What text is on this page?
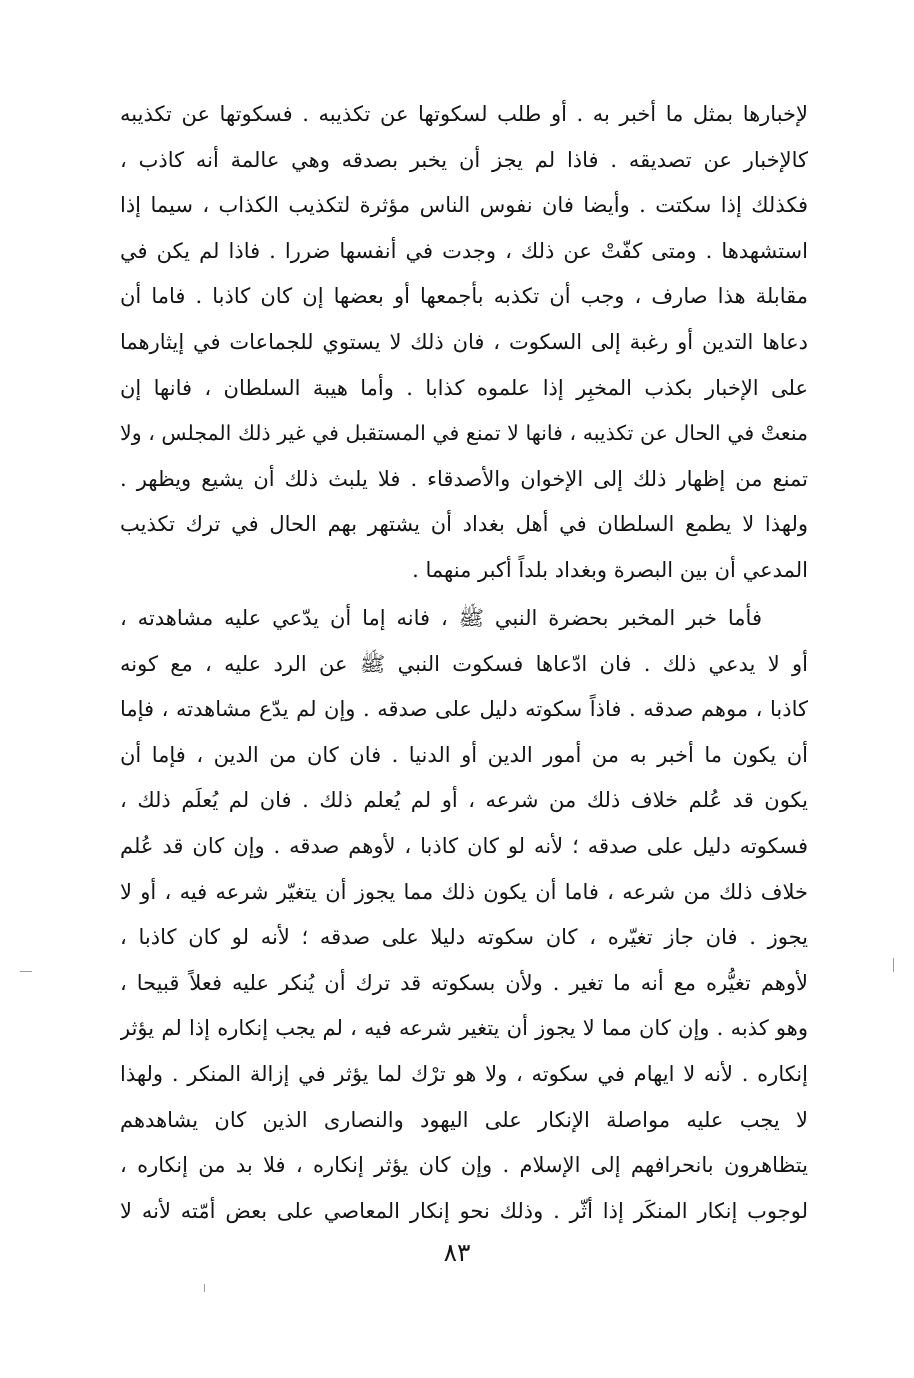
لإخبارها بمثل ما أخبر به . أو طلب لسكوتها عن تكذيبه . فسكوتها عن تكذيبه
كالإخبار عن تصديقه . فاذا لم يجز أن يخبر بصدقه وهي عالمة أنه كاذب ،
فكذلك إذا سكتت . وأيضا فان نفوس الناس مؤثرة لتكذيب الكذاب ، سيما إذا
استشهدها . ومتى كفّتْ عن ذلك ، وجدت في أنفسها ضررا . فاذا لم يكن في
مقابلة هذا صارف ، وجب أن تكذبه بأجمعها أو بعضها إن كان كاذبا . فاما أن
دعاها التدين أو رغبة إلى السكوت ، فان ذلك لا يستوي للجماعات في إيثارهما
على الإخبار بكذب المخبِر إذا علموه كذابا . وأما هيبة السلطان ، فانها إن
منعتْ في الحال عن تكذيبه ، فانها لا تمنع في المستقبل في غير ذلك المجلس ، ولا
تمنع من إظهار ذلك إلى الإخوان والأصدقاء . فلا يلبث ذلك أن يشيع ويظهر .
ولهذا لا يطمع السلطان في أهل بغداد أن يشتهر بهم الحال في ترك تكذيب
المدعي أن بين البصرة وبغداد بلداً أكبر منهما .
فأما خبر المخبر بحضرة النبي ﷺ ، فانه إما أن يدّعي عليه مشاهدته ،
أو لا يدعي ذلك . فان ادّعاها فسكوت النبي ﷺ عن الرد عليه ، مع كونه
كاذبا ، موهم صدقه . فاذاً سكوته دليل على صدقه . وإن لم يدّع مشاهدته ، فإما
أن يكون ما أخبر به من أمور الدين أو الدنيا . فان كان من الدين ، فإما أن
يكون قد عُلم خلاف ذلك من شرعه ، أو لم يُعلم ذلك . فان لم يُعلَم ذلك ،
فسكوته دليل على صدقه ؛ لأنه لو كان كاذبا ، لأوهم صدقه . وإن كان قد عُلم
خلاف ذلك من شرعه ، فاما أن يكون ذلك مما يجوز أن يتغيّر شرعه فيه ، أو لا
يجوز . فان جاز تغيّره ، كان سكوته دليلا على صدقه ؛ لأنه لو كان كاذبا ،
لأوهم تغيُّره مع أنه ما تغير . ولأن بسكوته قد ترك أن يُنكر عليه فعلاً قبيحا ،
وهو كذبه . وإن كان مما لا يجوز أن يتغير شرعه فيه ، لم يجب إنكاره إذا لم يؤثر
إنكاره . لأنه لا ايهام في سكوته ، ولا هو ترْك لما يؤثر في إزالة المنكر . ولهذا
لا يجب عليه مواصلة الإنكار على اليهود والنصارى الذين كان يشاهدهم
يتظاهرون بانحرافهم إلى الإسلام . وإن كان يؤثر إنكاره ، فلا بد من إنكاره ،
لوجوب إنكار المنكَر إذا أثّر . وذلك نحو إنكار المعاصي على بعض أمّته لأنه لا
٨٣
